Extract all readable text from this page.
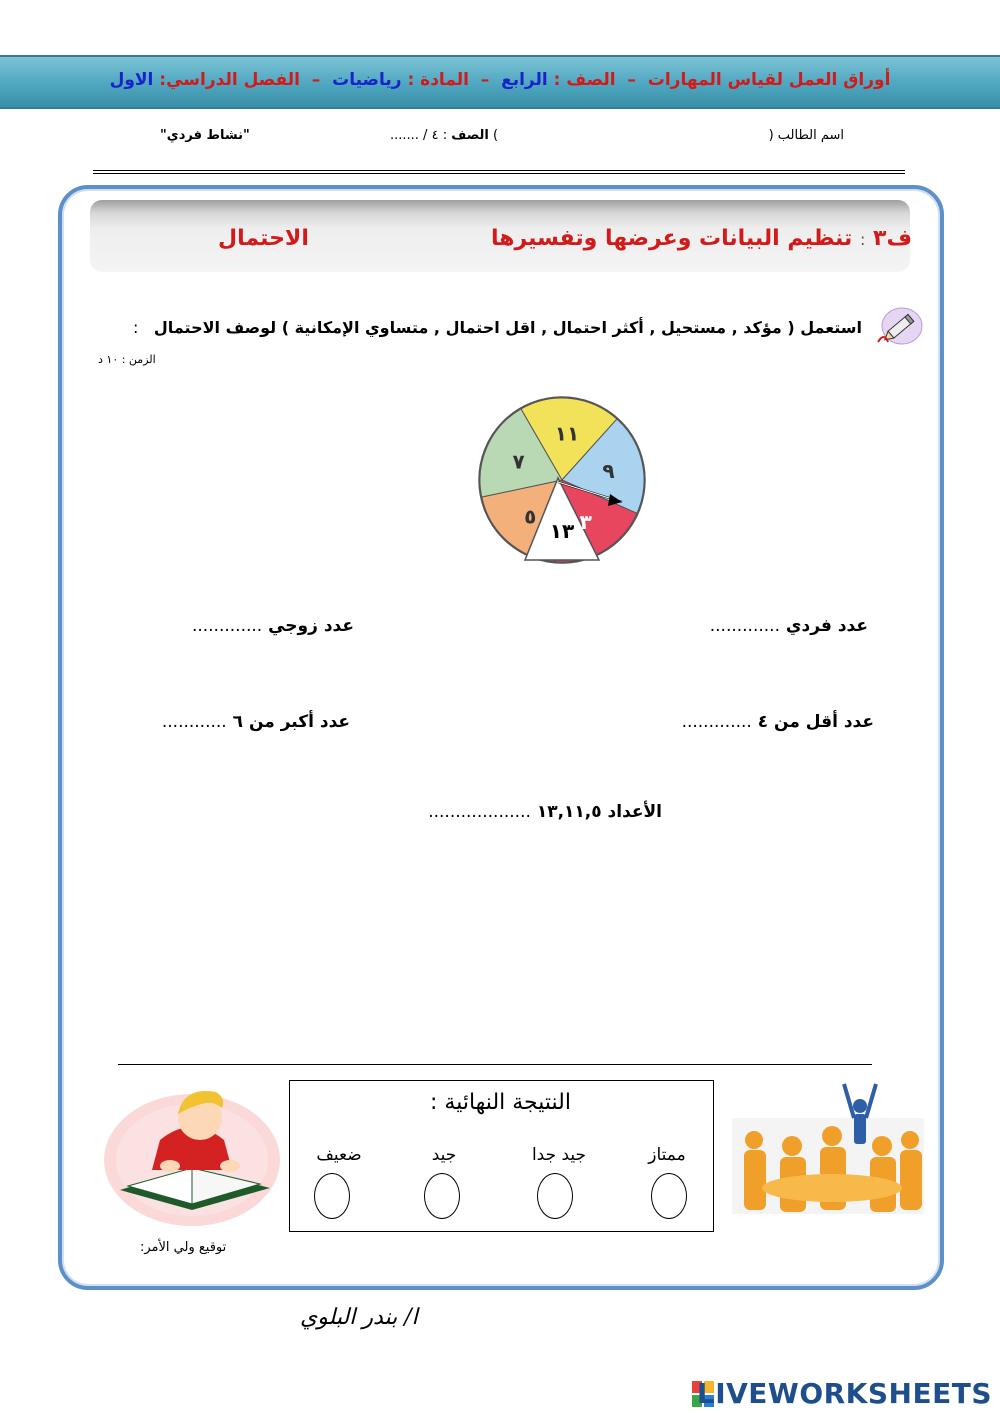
أوراق العمل لقياس المهارات  –  الصف : الرابع  –  المادة : رياضيات  –  الفصل الدراسي: الاول
اسم الطالب (
) الصف : ٤ / .......
"نشاط فردي"
ف٣ : تنظيم البيانات وعرضها وتفسيرها
الاحتمال
استعمل ( مؤكد , مستحيل , أكثر احتمال , اقل احتمال , متساوي الإمكانية ) لوصف الاحتمال :
الزمن : ١٠ د
١٣
١١
٩
٣
٥
٧
عدد فردي .............
عدد زوجي .............
عدد أقل من ٤ .............
عدد أكبر من ٦ ............
الأعداد ١٣,١١,٥ ...................
النتيجة النهائية :
ممتاز
جيد جدا
جيد
ضعيف
توقيع ولي الأمر:
ا/ بندر البلوي
LIVEWORKSHEETS
